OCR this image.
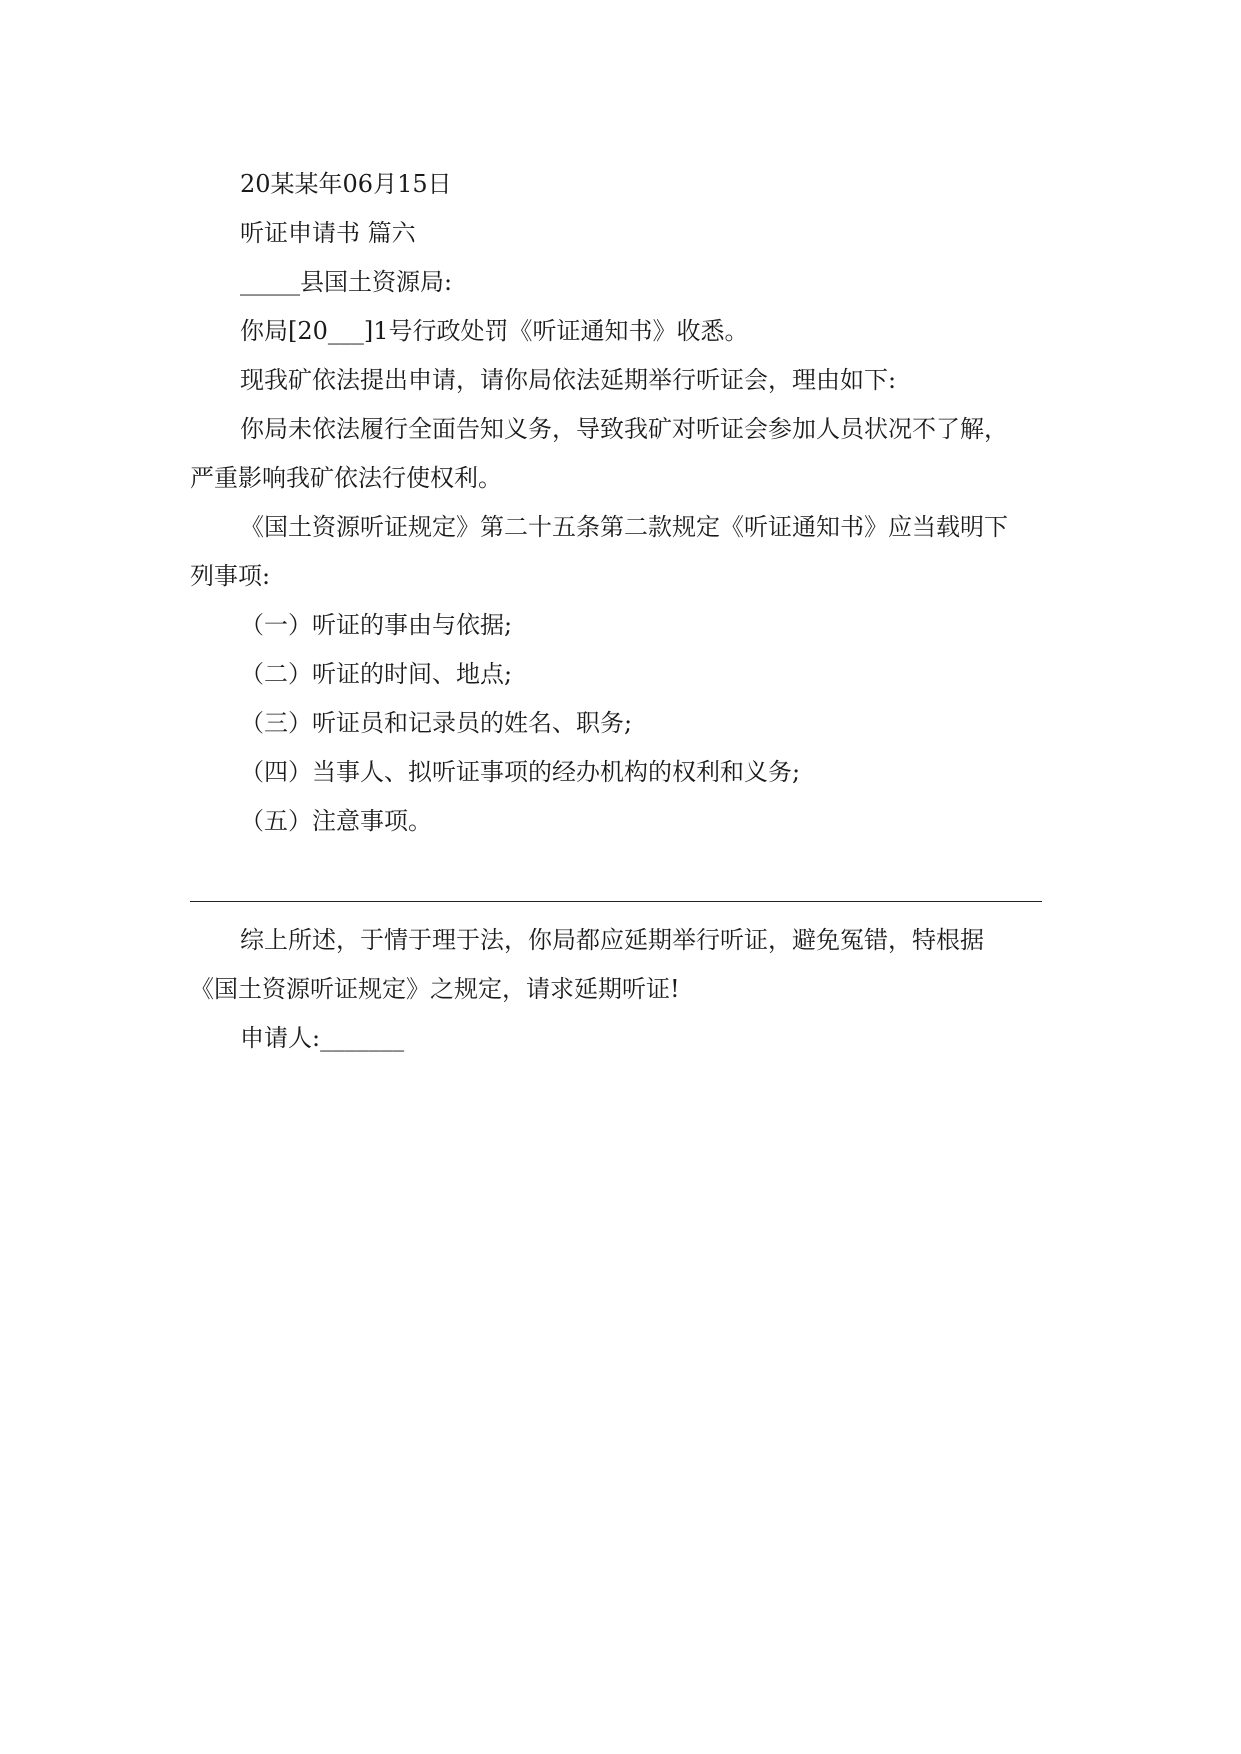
20某某年06月15日

听证申请书 篇六

_____县国土资源局:

你局[20___]1号行政处罚《听证通知书》收悉。

现我矿依法提出申请，请你局依法延期举行听证会，理由如下:

你局未依法履行全面告知义务，导致我矿对听证会参加人员状况不了解，

严重影响我矿依法行使权利。

《国土资源听证规定》第二十五条第二款规定《听证通知书》应当载明下

列事项:

（一）听证的事由与依据;

（二）听证的时间、地点;

（三）听证员和记录员的姓名、职务;

（四）当事人、拟听证事项的经办机构的权利和义务;

（五）注意事项。

综上所述，于情于理于法，你局都应延期举行听证，避免冤错，特根据

《国土资源听证规定》之规定，请求延期听证!

申请人:_______
